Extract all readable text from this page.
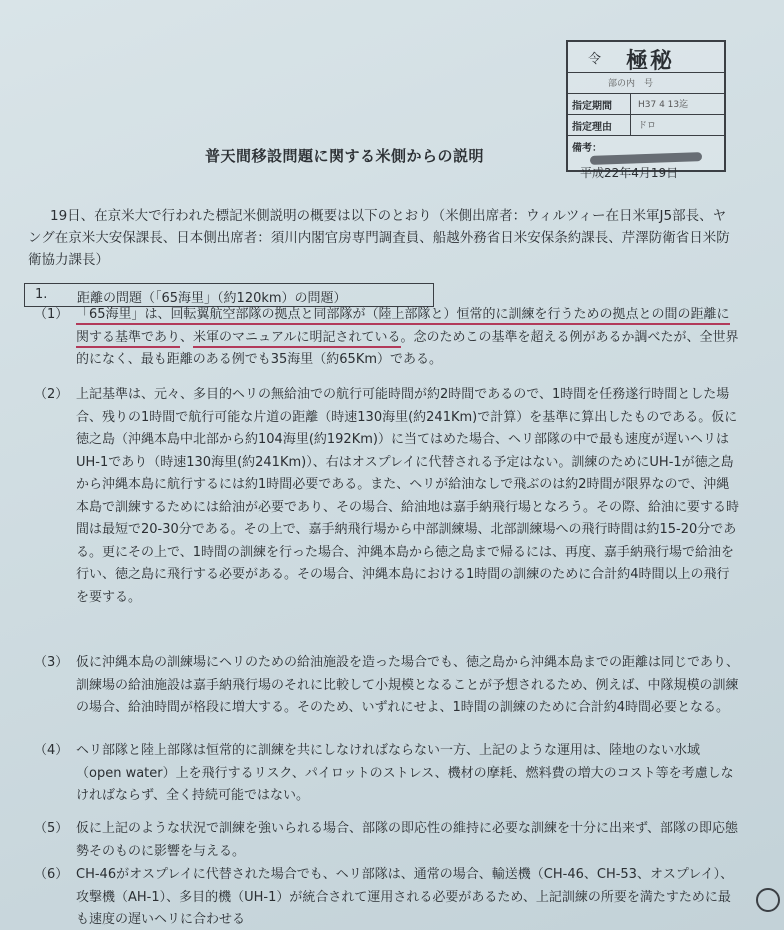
令 極秘
部の内　号
指定期間	H37 4 13迄
指定理由	ドロ
備考：
普天間移設問題に関する米側からの説明
平成22年4月19日
19日、在京米大で行われた標記米側説明の概要は以下のとおり（米側出席者：ウィルツィー在日米軍J5部長、ヤング在京米大安保課長、日本側出席者：須川内閣官房専門調査員、船越外務省日米安保条約課長、芹澤防衛省日米防衛協力課長）
1. 距離の問題（「65海里」（約120km）の問題）
（1） 「65海里」は、回転翼航空部隊の拠点と同部隊が（陸上部隊と）恒常的に訓練を行うための拠点との間の距離に関する基準であり、米軍のマニュアルに明記されている。念のためこの基準を超える例があるか調べたが、全世界的になく、最も距離のある例でも35海里（約65Km）である。
（2） 上記基準は、元々、多目的ヘリの無給油での航行可能時間が約2時間であるので、1時間を任務遂行時間とした場合、残りの1時間で航行可能な片道の距離（時速130海里(約241Km)で計算）を基準に算出したものである。仮に徳之島（沖縄本島中北部から約104海里(約192Km)）に当てはめた場合、ヘリ部隊の中で最も速度が遅いヘリはUH-1であり（時速130海里(約241Km)）、右はオスプレイに代替される予定はない。訓練のためにUH-1が徳之島から沖縄本島に航行するには約1時間必要である。また、ヘリが給油なしで飛ぶのは約2時間が限界なので、沖縄本島で訓練するためには給油が必要であり、その場合、給油地は嘉手納飛行場となろう。その際、給油に要する時間は最短で20-30分である。その上で、嘉手納飛行場から中部訓練場、北部訓練場への飛行時間は約15-20分である。更にその上で、1時間の訓練を行った場合、沖縄本島から徳之島まで帰るには、再度、嘉手納飛行場で給油を行い、徳之島に飛行する必要がある。その場合、沖縄本島における1時間の訓練のために合計約4時間以上の飛行を要する。
（3） 仮に沖縄本島の訓練場にヘリのための給油施設を造った場合でも、徳之島から沖縄本島までの距離は同じであり、訓練場の給油施設は嘉手納飛行場のそれに比較して小規模となることが予想されるため、例えば、中隊規模の訓練の場合、給油時間が格段に増大する。そのため、いずれにせよ、1時間の訓練のために合計約4時間必要となる。
（4） ヘリ部隊と陸上部隊は恒常的に訓練を共にしなければならない一方、上記のような運用は、陸地のない水域（open water）上を飛行するリスク、パイロットのストレス、機材の摩耗、燃料費の増大のコスト等を考慮しなければならず、全く持続可能ではない。
（5） 仮に上記のような状況で訓練を強いられる場合、部隊の即応性の維持に必要な訓練を十分に出来ず、部隊の即応態勢そのものに影響を与える。
（6） CH-46がオスプレイに代替された場合でも、ヘリ部隊は、通常の場合、輸送機（CH-46、CH-53、オスプレイ）、攻撃機（AH-1）、多目的機（UH-1）が統合されて運用される必要があるため、上記訓練の所要を満たすために最も速度の遅いヘリに合わせる
